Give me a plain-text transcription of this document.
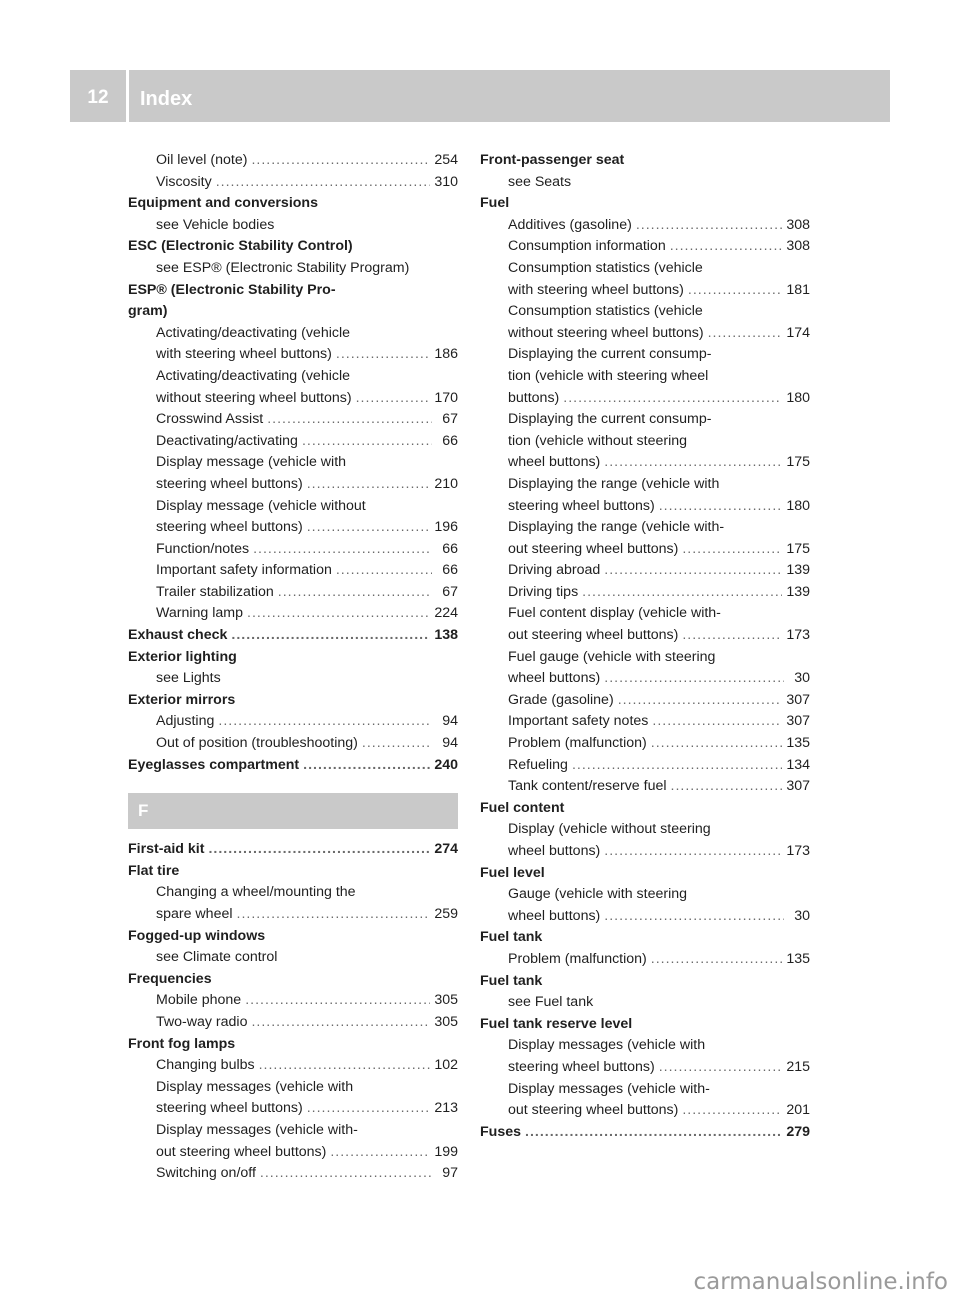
12	Index
Oil level (note) .....	254
Viscosity .....	310
Equipment and conversions
see Vehicle bodies
ESC (Electronic Stability Control)
see ESP® (Electronic Stability Program)
ESP® (Electronic Stability Pro-
gram)
Activating/deactivating (vehicle
with steering wheel buttons) .....	186
Activating/deactivating (vehicle
without steering wheel buttons) .....	170
Crosswind Assist .....	67
Deactivating/activating .....	66
Display message (vehicle with
steering wheel buttons) .....	210
Display message (vehicle without
steering wheel buttons) .....	196
Function/notes .....	66
Important safety information .....	66
Trailer stabilization .....	67
Warning lamp .....	224
Exhaust check .....	138
Exterior lighting
see Lights
Exterior mirrors
Adjusting .....	94
Out of position (troubleshooting) .....	94
Eyeglasses compartment .....	240
F
First-aid kit .....	274
Flat tire
Changing a wheel/mounting the
spare wheel .....	259
Fogged-up windows
see Climate control
Frequencies
Mobile phone .....	305
Two-way radio .....	305
Front fog lamps
Changing bulbs .....	102
Display messages (vehicle with
steering wheel buttons) .....	213
Display messages (vehicle with-
out steering wheel buttons) .....	199
Switching on/off .....	97
Front-passenger seat
see Seats
Fuel
Additives (gasoline) .....	308
Consumption information .....	308
Consumption statistics (vehicle
with steering wheel buttons) .....	181
Consumption statistics (vehicle
without steering wheel buttons) .....	174
Displaying the current consump-
tion (vehicle with steering wheel
buttons) .....	180
Displaying the current consump-
tion (vehicle without steering
wheel buttons) .....	175
Displaying the range (vehicle with
steering wheel buttons) .....	180
Displaying the range (vehicle with-
out steering wheel buttons) .....	175
Driving abroad .....	139
Driving tips .....	139
Fuel content display (vehicle with-
out steering wheel buttons) .....	173
Fuel gauge (vehicle with steering
wheel buttons) .....	30
Grade (gasoline) .....	307
Important safety notes .....	307
Problem (malfunction) .....	135
Refueling .....	134
Tank content/reserve fuel .....	307
Fuel content
Display (vehicle without steering
wheel buttons) .....	173
Fuel level
Gauge (vehicle with steering
wheel buttons) .....	30
Fuel tank
Problem (malfunction) .....	135
Fuel tank
see Fuel tank
Fuel tank reserve level
Display messages (vehicle with
steering wheel buttons) .....	215
Display messages (vehicle with-
out steering wheel buttons) .....	201
Fuses .....	279
carmanualsonline.info
